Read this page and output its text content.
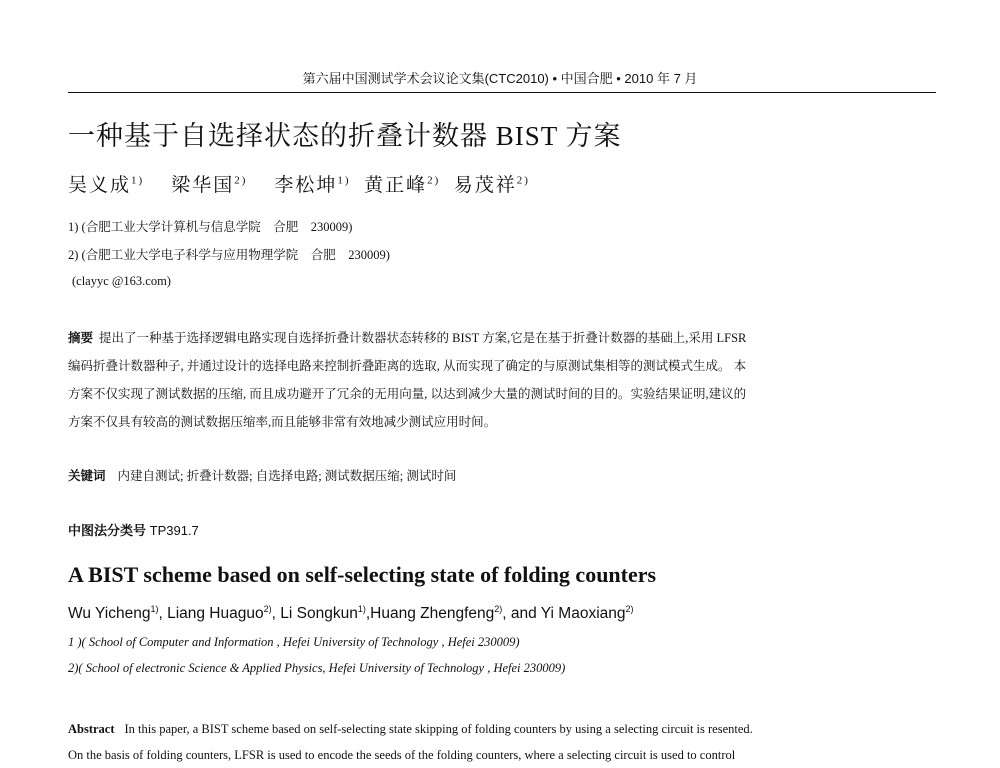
第六届中国测试学术会议论文集(CTC2010) • 中国合肥 • 2010 年 7 月
一种基于自选择状态的折叠计数器 BIST 方案
吴义成$^{1)}$ 梁华国$^{2)}$ 李松坤$^{1)}$ 黄正峰$^{2)}$ 易茂祥$^{2)}$
1) (合肥工业大学计算机与信息学院　合肥　230009)
2) (合肥工业大学电子科学与应用物理学院　合肥　230009)
(clayyc @163.com)
摘要 提出了一种基于选择逻辑电路实现自选择折叠计数器状态转移的 BIST 方案,它是在基于折叠计数器的基础上,采用 LFSR
编码折叠计数器种子, 并通过设计的选择电路来控制折叠距离的选取, 从而实现了确定的与原测试集相等的测试模式生成。 本
方案不仅实现了测试数据的压缩, 而且成功避开了冗余的无用向量, 以达到减少大量的测试时间的目的。实验结果证明,建议的
方案不仅具有较高的测试数据压缩率,而且能够非常有效地减少测试应用时间。
关键词 内建自测试; 折叠计数器; 自选择电路; 测试数据压缩; 测试时间
中图法分类号 TP391.7
A BIST scheme based on self-selecting state of folding counters
Wu Yicheng$^{1)}$, Liang Huaguo$^{2)}$, Li Songkun$^{1)}$,Huang Zhengfeng$^{2)}$, and Yi Maoxiang$^{2)}$
1 )( School of Computer and Information , Hefei University of Technology , Hefei 230009)
2)( School of electronic Science & Applied Physics, Hefei University of Technology , Hefei 230009)
Abstract In this paper, a BIST scheme based on self-selecting state skipping of folding counters by using a selecting circuit is resented.
On the basis of folding counters, LFSR is used to encode the seeds of the folding counters, where a selecting circuit is used to control
